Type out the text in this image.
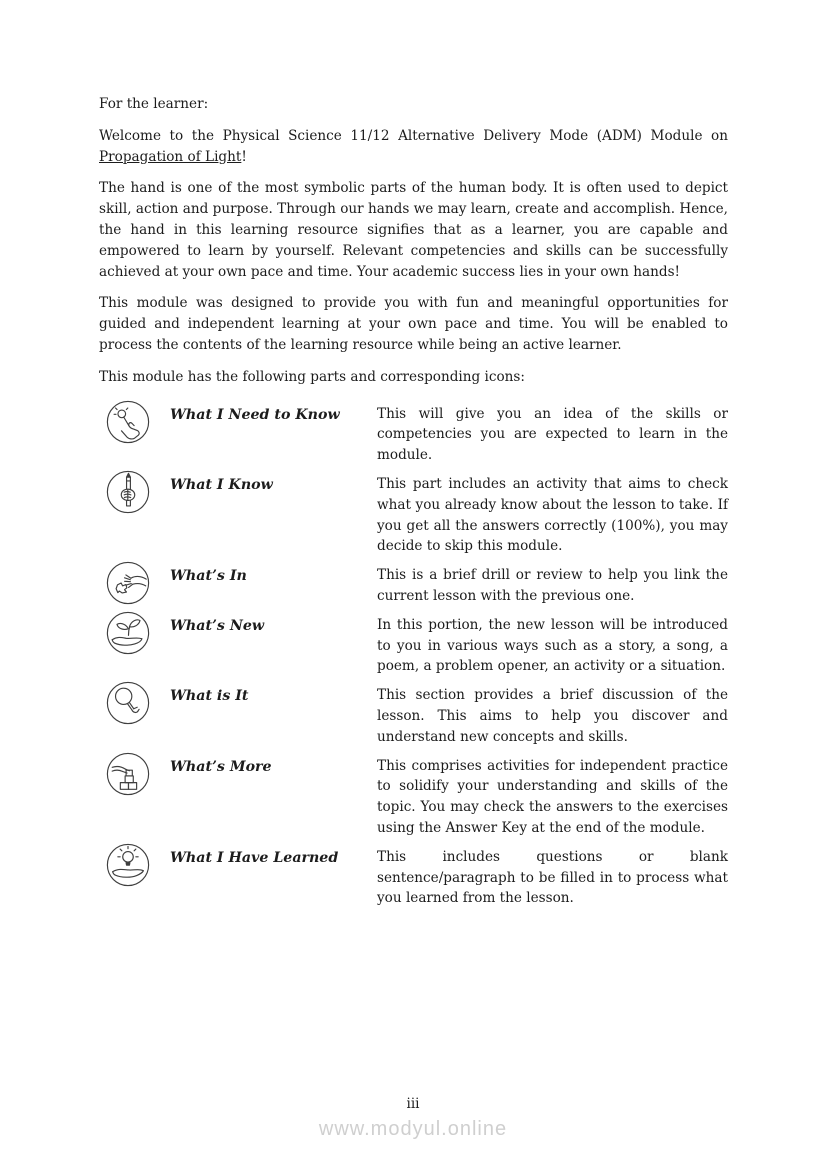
For the learner:

Welcome to the Physical Science 11/12 Alternative Delivery Mode (ADM) Module on Propagation of Light!

The hand is one of the most symbolic parts of the human body. It is often used to depict skill, action and purpose. Through our hands we may learn, create and accomplish. Hence, the hand in this learning resource signifies that as a learner, you are capable and empowered to learn by yourself. Relevant competencies and skills can be successfully achieved at your own pace and time. Your academic success lies in your own hands!

This module was designed to provide you with fun and meaningful opportunities for guided and independent learning at your own pace and time. You will be enabled to process the contents of the learning resource while being an active learner.

This module has the following parts and corresponding icons:

What I Need to Know	This will give you an idea of the skills or competencies you are expected to learn in the module.
What I Know	This part includes an activity that aims to check what you already know about the lesson to take. If you get all the answers correctly (100%), you may decide to skip this module.
What’s In	This is a brief drill or review to help you link the current lesson with the previous one.
What’s New	In this portion, the new lesson will be introduced to you in various ways such as a story, a song, a poem, a problem opener, an activity or a situation.
What is It	This section provides a brief discussion of the lesson. This aims to help you discover and understand new concepts and skills.
What’s More	This comprises activities for independent practice to solidify your understanding and skills of the topic. You may check the answers to the exercises using the Answer Key at the end of the module.
What I Have Learned	This includes questions or blank sentence/paragraph to be filled in to process what you learned from the lesson.
iii
www.modyul.online
